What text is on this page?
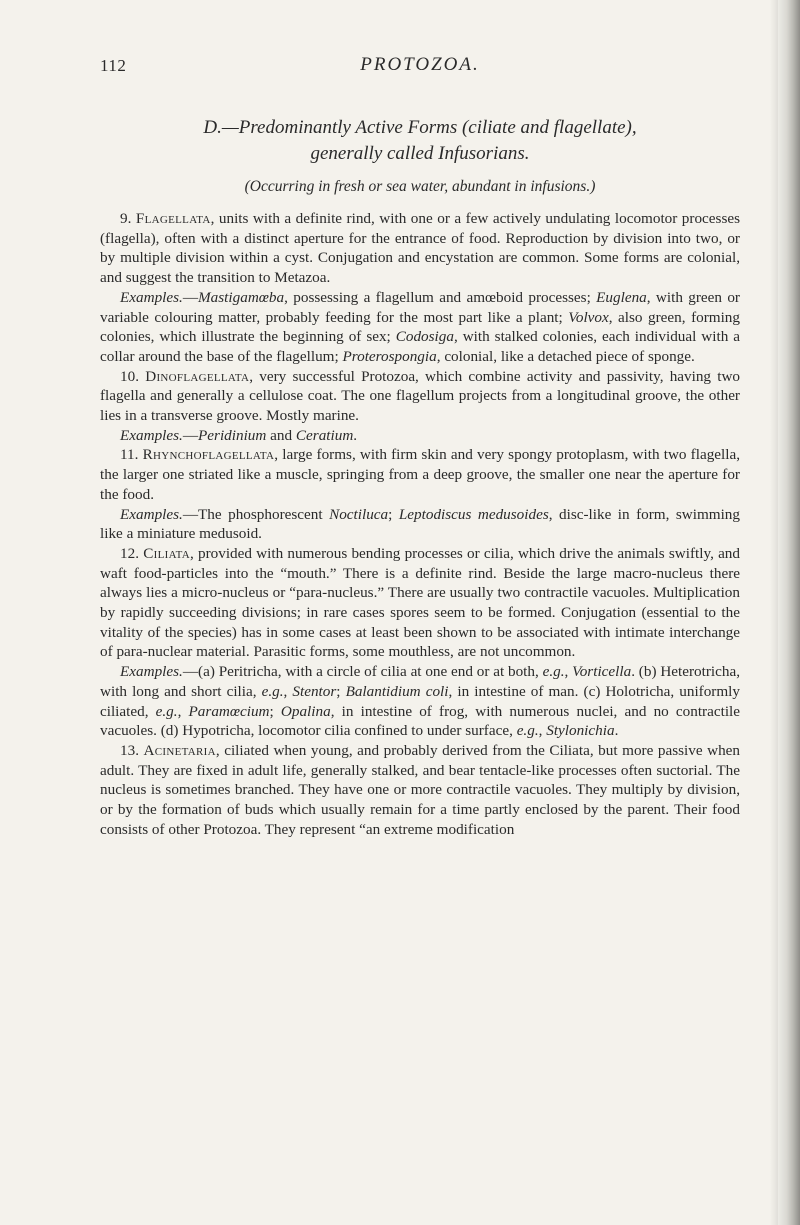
112	PROTOZOA.

D.—Predominantly Active Forms (ciliate and flagellate),
generally called Infusorians.

(Occurring in fresh or sea water, abundant in infusions.)

9. Flagellata, units with a definite rind, with one or a few actively undulating locomotor processes (flagella), often with a distinct aperture for the entrance of food. Reproduction by division into two, or by multiple division within a cyst. Conjugation and encystation are common. Some forms are colonial, and suggest the transition to Metazoa.

Examples.—Mastigamœba, possessing a flagellum and amœboid processes; Euglena, with green or variable colouring matter, probably feeding for the most part like a plant; Volvox, also green, forming colonies, which illustrate the beginning of sex; Codosiga, with stalked colonies, each individual with a collar around the base of the flagellum; Proterospongia, colonial, like a detached piece of sponge.

10. Dinoflagellata, very successful Protozoa, which combine activity and passivity, having two flagella and generally a cellulose coat. The one flagellum projects from a longitudinal groove, the other lies in a transverse groove. Mostly marine.

Examples.—Peridinium and Ceratium.

11. Rhynchoflagellata, large forms, with firm skin and very spongy protoplasm, with two flagella, the larger one striated like a muscle, springing from a deep groove, the smaller one near the aperture for the food.

Examples.—The phosphorescent Noctiluca; Leptodiscus medusoides, disc-like in form, swimming like a miniature medusoid.

12. Ciliata, provided with numerous bending processes or cilia, which drive the animals swiftly, and waft food-particles into the “mouth.” There is a definite rind. Beside the large macro-nucleus there always lies a micro-nucleus or “para-nucleus.” There are usually two contractile vacuoles. Multiplication by rapidly succeeding divisions; in rare cases spores seem to be formed. Conjugation (essential to the vitality of the species) has in some cases at least been shown to be associated with intimate interchange of para-nuclear material. Parasitic forms, some mouthless, are not uncommon.

Examples.—(a) Peritricha, with a circle of cilia at one end or at both, e.g., Vorticella. (b) Heterotricha, with long and short cilia, e.g., Stentor; Balantidium coli, in intestine of man. (c) Holotricha, uniformly ciliated, e.g., Paramœcium; Opalina, in intestine of frog, with numerous nuclei, and no contractile vacuoles. (d) Hypotricha, locomotor cilia confined to under surface, e.g., Stylonichia.

13. Acinetaria, ciliated when young, and probably derived from the Ciliata, but more passive when adult. They are fixed in adult life, generally stalked, and bear tentacle-like processes often suctorial. The nucleus is sometimes branched. They have one or more contractile vacuoles. They multiply by division, or by the formation of buds which usually remain for a time partly enclosed by the parent. Their food consists of other Protozoa. They represent “an extreme modification
